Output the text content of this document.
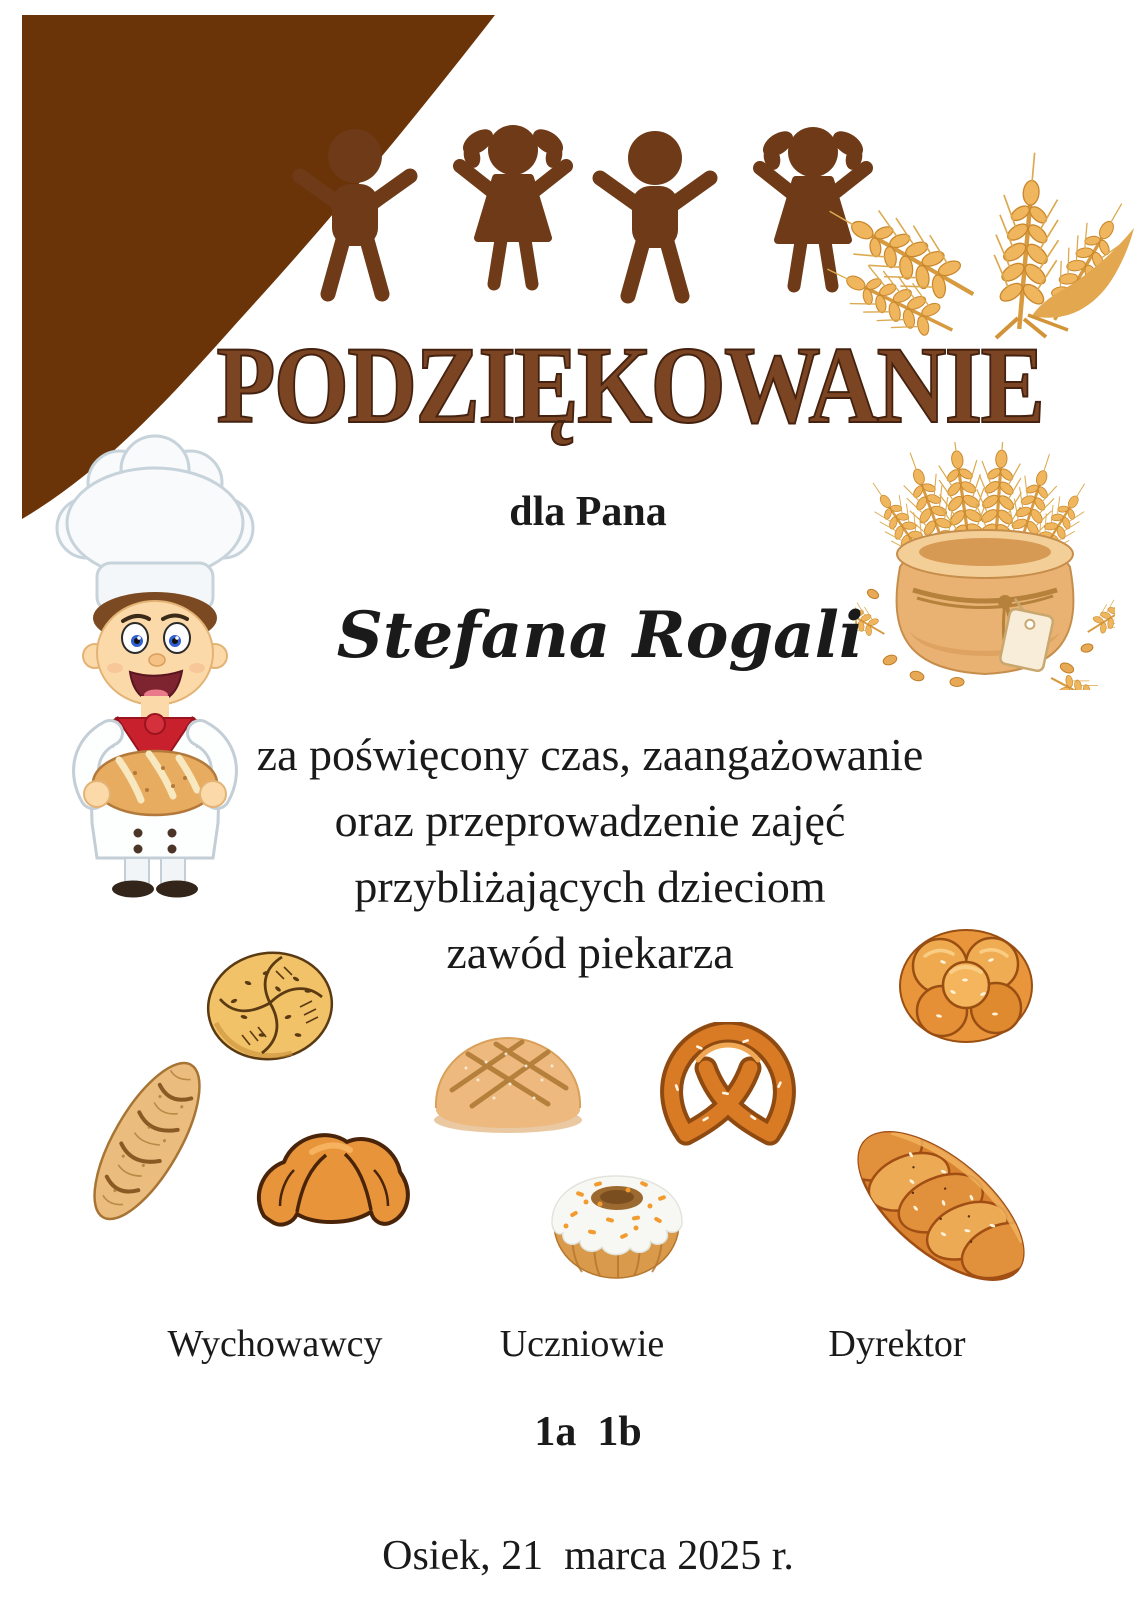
PODZIĘKOWANIE
dla Pana
Stefana Rogali
za poświęcony czas, zaangażowanie
oraz przeprowadzenie zajęć
przybliżających dzieciom
zawód piekarza
Wychowawcy	Uczniowie	Dyrektor
1a  1b
Osiek, 21  marca 2025 r.
